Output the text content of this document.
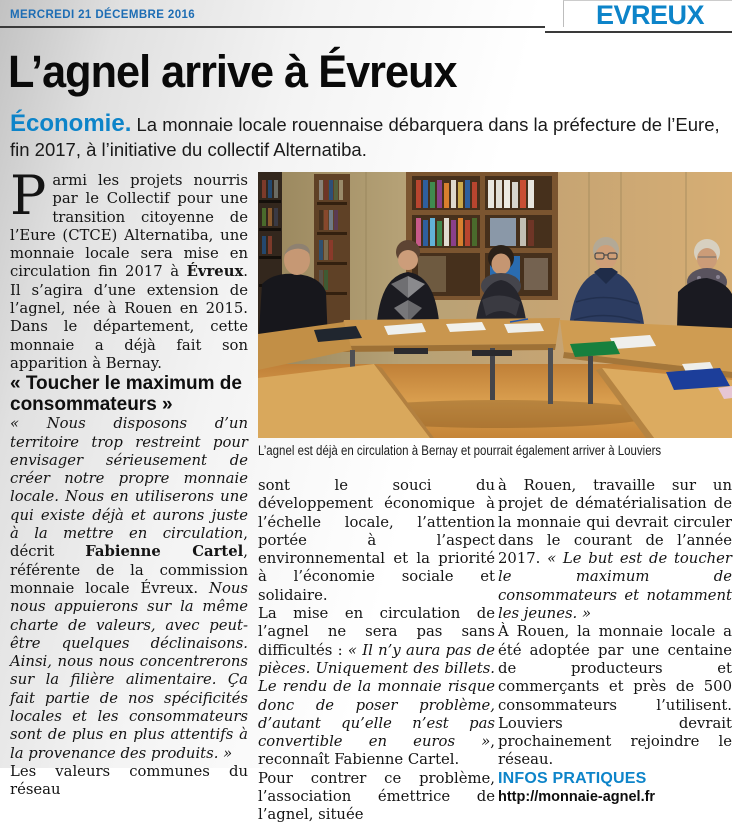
MERCREDI 21 DÉCEMBRE 2016	EVREUX
L’agnel arrive à Évreux
Économie. La monnaie locale rouennaise débarquera dans la préfecture de l’Eure, fin 2017, à l’initiative du collectif Alternatiba.
L’agnel est déjà en circulation à Bernay et pourrait également arriver à Louviers

Parmi les projets nourris par le Collectif pour une transition citoyenne de l’Eure (CTCE) Alternatiba, une monnaie locale sera mise en circulation fin 2017 à Évreux. Il s’agira d’une extension de l’agnel, née à Rouen en 2015. Dans le département, cette monnaie a déjà fait son apparition à Bernay.

« Toucher le maximum de consommateurs »

« Nous disposons d’un territoire trop restreint pour envisager sérieusement de créer notre propre monnaie locale. Nous en utiliserons une qui existe déjà et aurons juste à la mettre en circulation, décrit Fabienne Cartel, référente de la commission monnaie locale Évreux. Nous nous appuierons sur la même charte de valeurs, avec peut-être quelques déclinaisons. Ainsi, nous nous concentrerons sur la filière alimentaire. Ça fait partie de nos spécificités locales et les consommateurs sont de plus en plus attentifs à la provenance des produits. »

Les valeurs communes du réseau

sont le souci du développement économique à l’échelle locale, l’attention portée à l’aspect environnemental et la priorité à l’économie sociale et solidaire.

La mise en circulation de l’agnel ne sera pas sans difficultés : « Il n’y aura pas de pièces. Uniquement des billets. Le rendu de la monnaie risque donc de poser problème, d’autant qu’elle n’est pas convertible en euros », reconnaît Fabienne Cartel.

Pour contrer ce problème, l’association émettrice de l’agnel, située

à Rouen, travaille sur un projet de dématérialisation de la monnaie qui devrait circuler dans le courant de l’année 2017. « Le but est de toucher le maximum de consommateurs et notamment les jeunes. »

À Rouen, la monnaie locale a été adoptée par une centaine de producteurs et commerçants et près de 500 consommateurs l’utilisent. Louviers devrait prochainement rejoindre le réseau.

INFOS PRATIQUES

http://monnaie-agnel.fr
